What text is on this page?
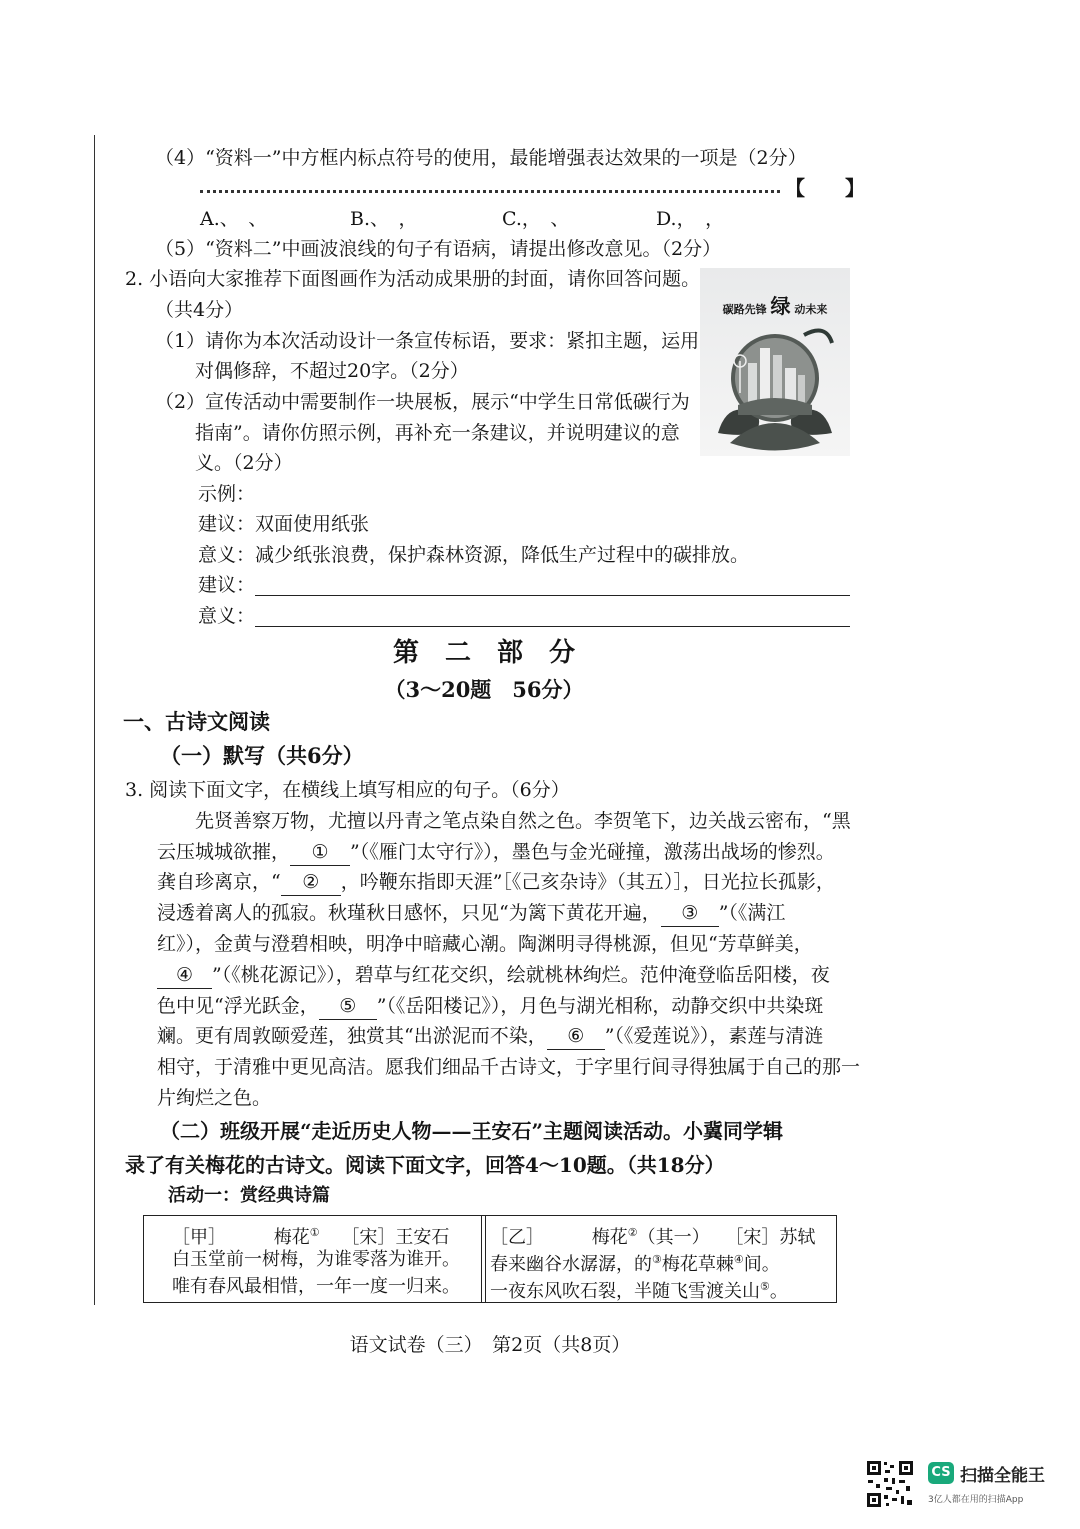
（4）“资料一”中方框内标点符号的使用，最能增强表达效果的一项是（2分）
【　　】
A.、　、	B.、　，	C.，　、	D.，　，
（5）“资料二”中画波浪线的句子有语病，请提出修改意见。（2分）
2. 小语向大家推荐下面图画作为活动成果册的封面，请你回答问题。
（共4分）
（1）请你为本次活动设计一条宣传标语，要求：紧扣主题，运用
对偶修辞，不超过20字。（2分）
（2）宣传活动中需要制作一块展板，展示“中学生日常低碳行为
指南”。请你仿照示例，再补充一条建议，并说明建议的意
义。（2分）
示例：
建议：双面使用纸张
意义：减少纸张浪费，保护森林资源，降低生产过程中的碳排放。
建议：
意义：
碳路先锋 绿 动未来
第　二　部　分
（3～20题　56分）
一、古诗文阅读
（一）默写（共6分）
3. 阅读下面文字，在横线上填写相应的句子。（6分）
先贤善察万物，尤擅以丹青之笔点染自然之色。李贺笔下，边关战云密布，“黑
云压城城欲摧， ① ”（《雁门太守行》），墨色与金光碰撞，激荡出战场的惨烈。
龚自珍离京，“ ② ，吟鞭东指即天涯”［《己亥杂诗》（其五）］，日光拉长孤影，
浸透着离人的孤寂。秋瑾秋日感怀，只见“为篱下黄花开遍， ③ ”（《满江
红》），金黄与澄碧相映，明净中暗藏心潮。陶渊明寻得桃源，但见“芳草鲜美，
④ ”（《桃花源记》），碧草与红花交织，绘就桃林绚烂。范仲淹登临岳阳楼，夜
色中见“浮光跃金， ⑤ ”（《岳阳楼记》），月色与湖光相称，动静交织中共染斑
斓。更有周敦颐爱莲，独赏其“出淤泥而不染， ⑥ ”（《爱莲说》），素莲与清涟
相守，于清雅中更见高洁。愿我们细品千古诗文，于字里行间寻得独属于自己的那一
片绚烂之色。
（二）班级开展“走近历史人物——王安石”主题阅读活动。小冀同学辑
录了有关梅花的古诗文。阅读下面文字，回答4～10题。（共18分）
活动一：赏经典诗篇
［甲］	梅花① ［宋］王安石
白玉堂前一树梅，为谁零落为谁开。
唯有春风最相惜，一年一度一归来。
［乙］	梅花②（其一） ［宋］苏轼
春来幽谷水潺潺，的③梅花草棘④间。
一夜东风吹石裂，半随飞雪渡关山⑤。
语文试卷（三）　第2页（共8页）
CS 扫描全能王
3亿人都在用的扫描App
